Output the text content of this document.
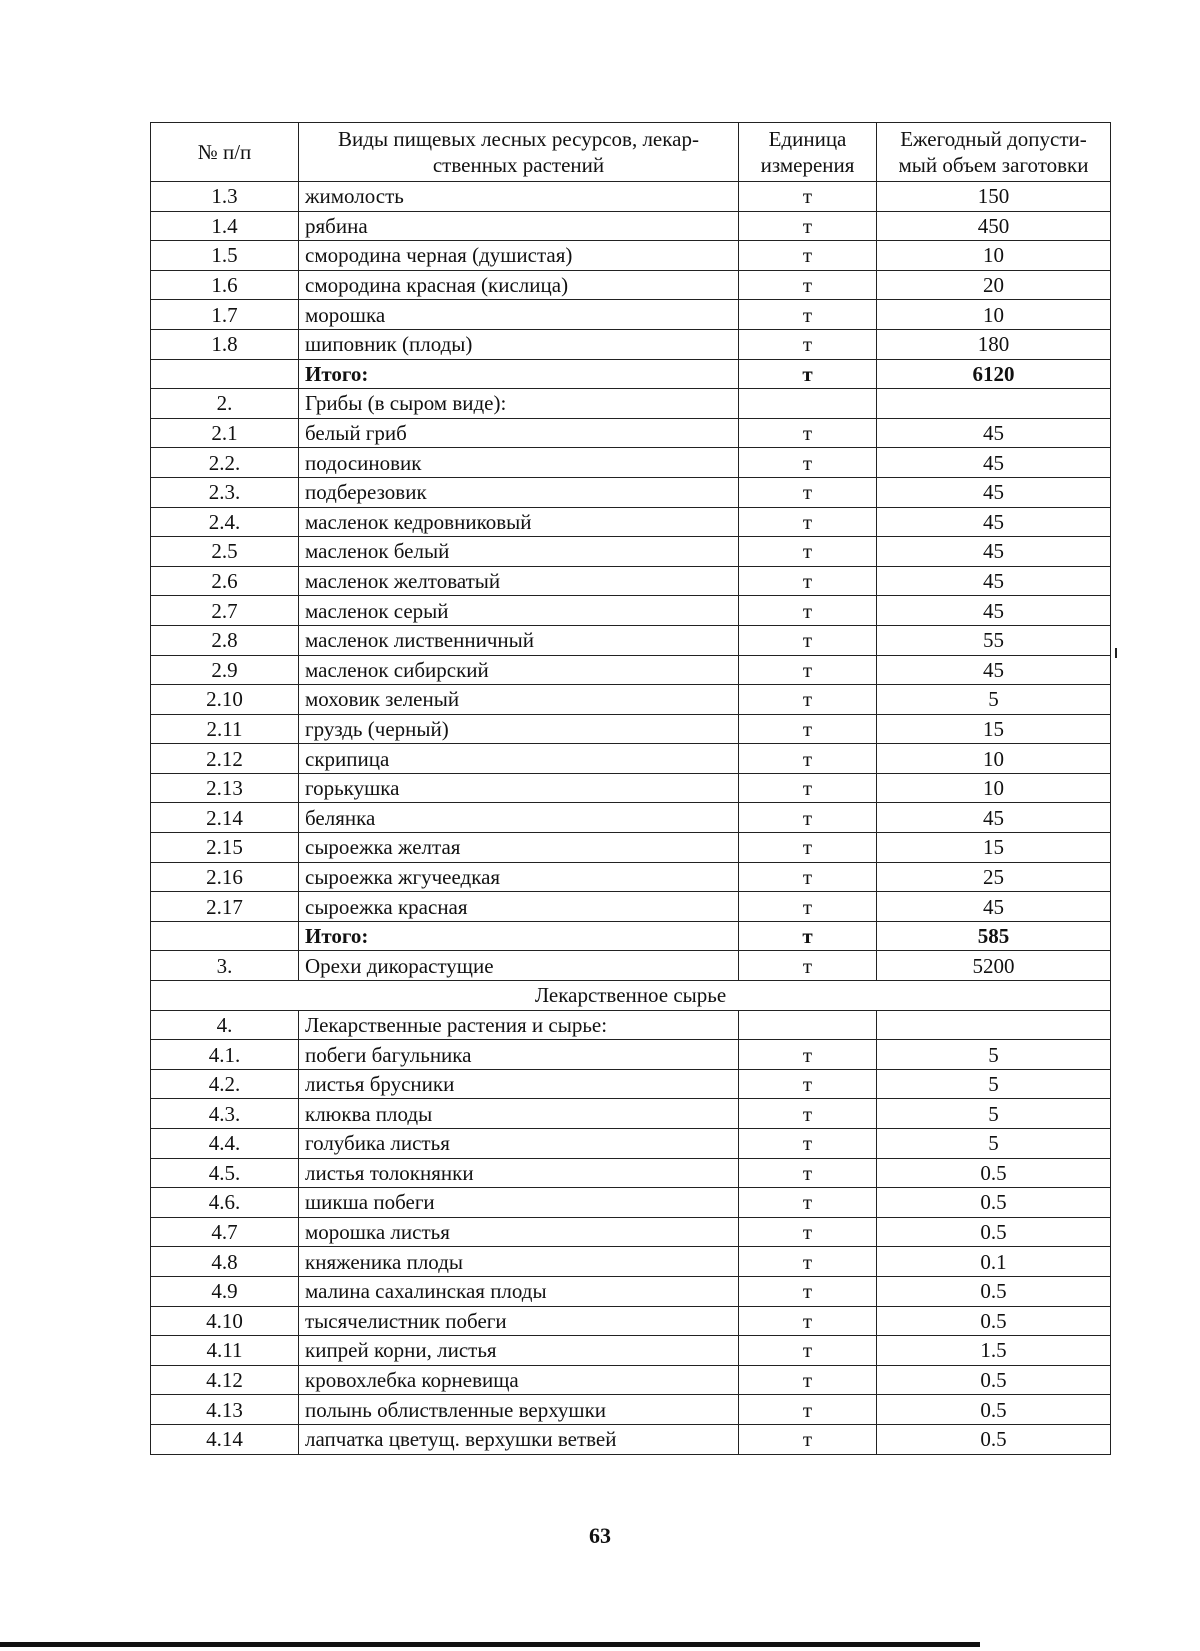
№ п/п	Виды пищевых лесных ресурсов, лекар-ственных растений	Единица измерения	Ежегодный допусти-мый объем заготовки
1.3	жимолость	т	150
1.4	рябина	т	450
1.5	смородина черная (душистая)	т	10
1.6	смородина красная (кислица)	т	20
1.7	морошка	т	10
1.8	шиповник (плоды)	т	180
	Итого:	т	6120
2.	Грибы (в сыром виде):		
2.1	белый гриб	т	45
2.2.	подосиновик	т	45
2.3.	подберезовик	т	45
2.4.	масленок кедровниковый	т	45
2.5	масленок белый	т	45
2.6	масленок желтоватый	т	45
2.7	масленок серый	т	45
2.8	масленок лиственничный	т	55
2.9	масленок сибирский	т	45
2.10	моховик зеленый	т	5
2.11	груздь (черный)	т	15
2.12	скрипица	т	10
2.13	горькушка	т	10
2.14	белянка	т	45
2.15	сыроежка желтая	т	15
2.16	сыроежка жгучеедкая	т	25
2.17	сыроежка красная	т	45
	Итого:	т	585
3.	Орехи дикорастущие	т	5200
Лекарственное сырье			
4.	Лекарственные растения и сырье:		
4.1.	побеги багульника	т	5
4.2.	листья брусники	т	5
4.3.	клюква плоды	т	5
4.4.	голубика листья	т	5
4.5.	листья толокнянки	т	0.5
4.6.	шикша побеги	т	0.5
4.7	морошка листья	т	0.5
4.8	княженика плоды	т	0.1
4.9	малина сахалинская плоды	т	0.5
4.10	тысячелистник побеги	т	0.5
4.11	кипрей корни, листья	т	1.5
4.12	кровохлебка корневища	т	0.5
4.13	полынь облиствленные верхушки	т	0.5
4.14	лапчатка цветущ. верхушки ветвей	т	0.5
63
